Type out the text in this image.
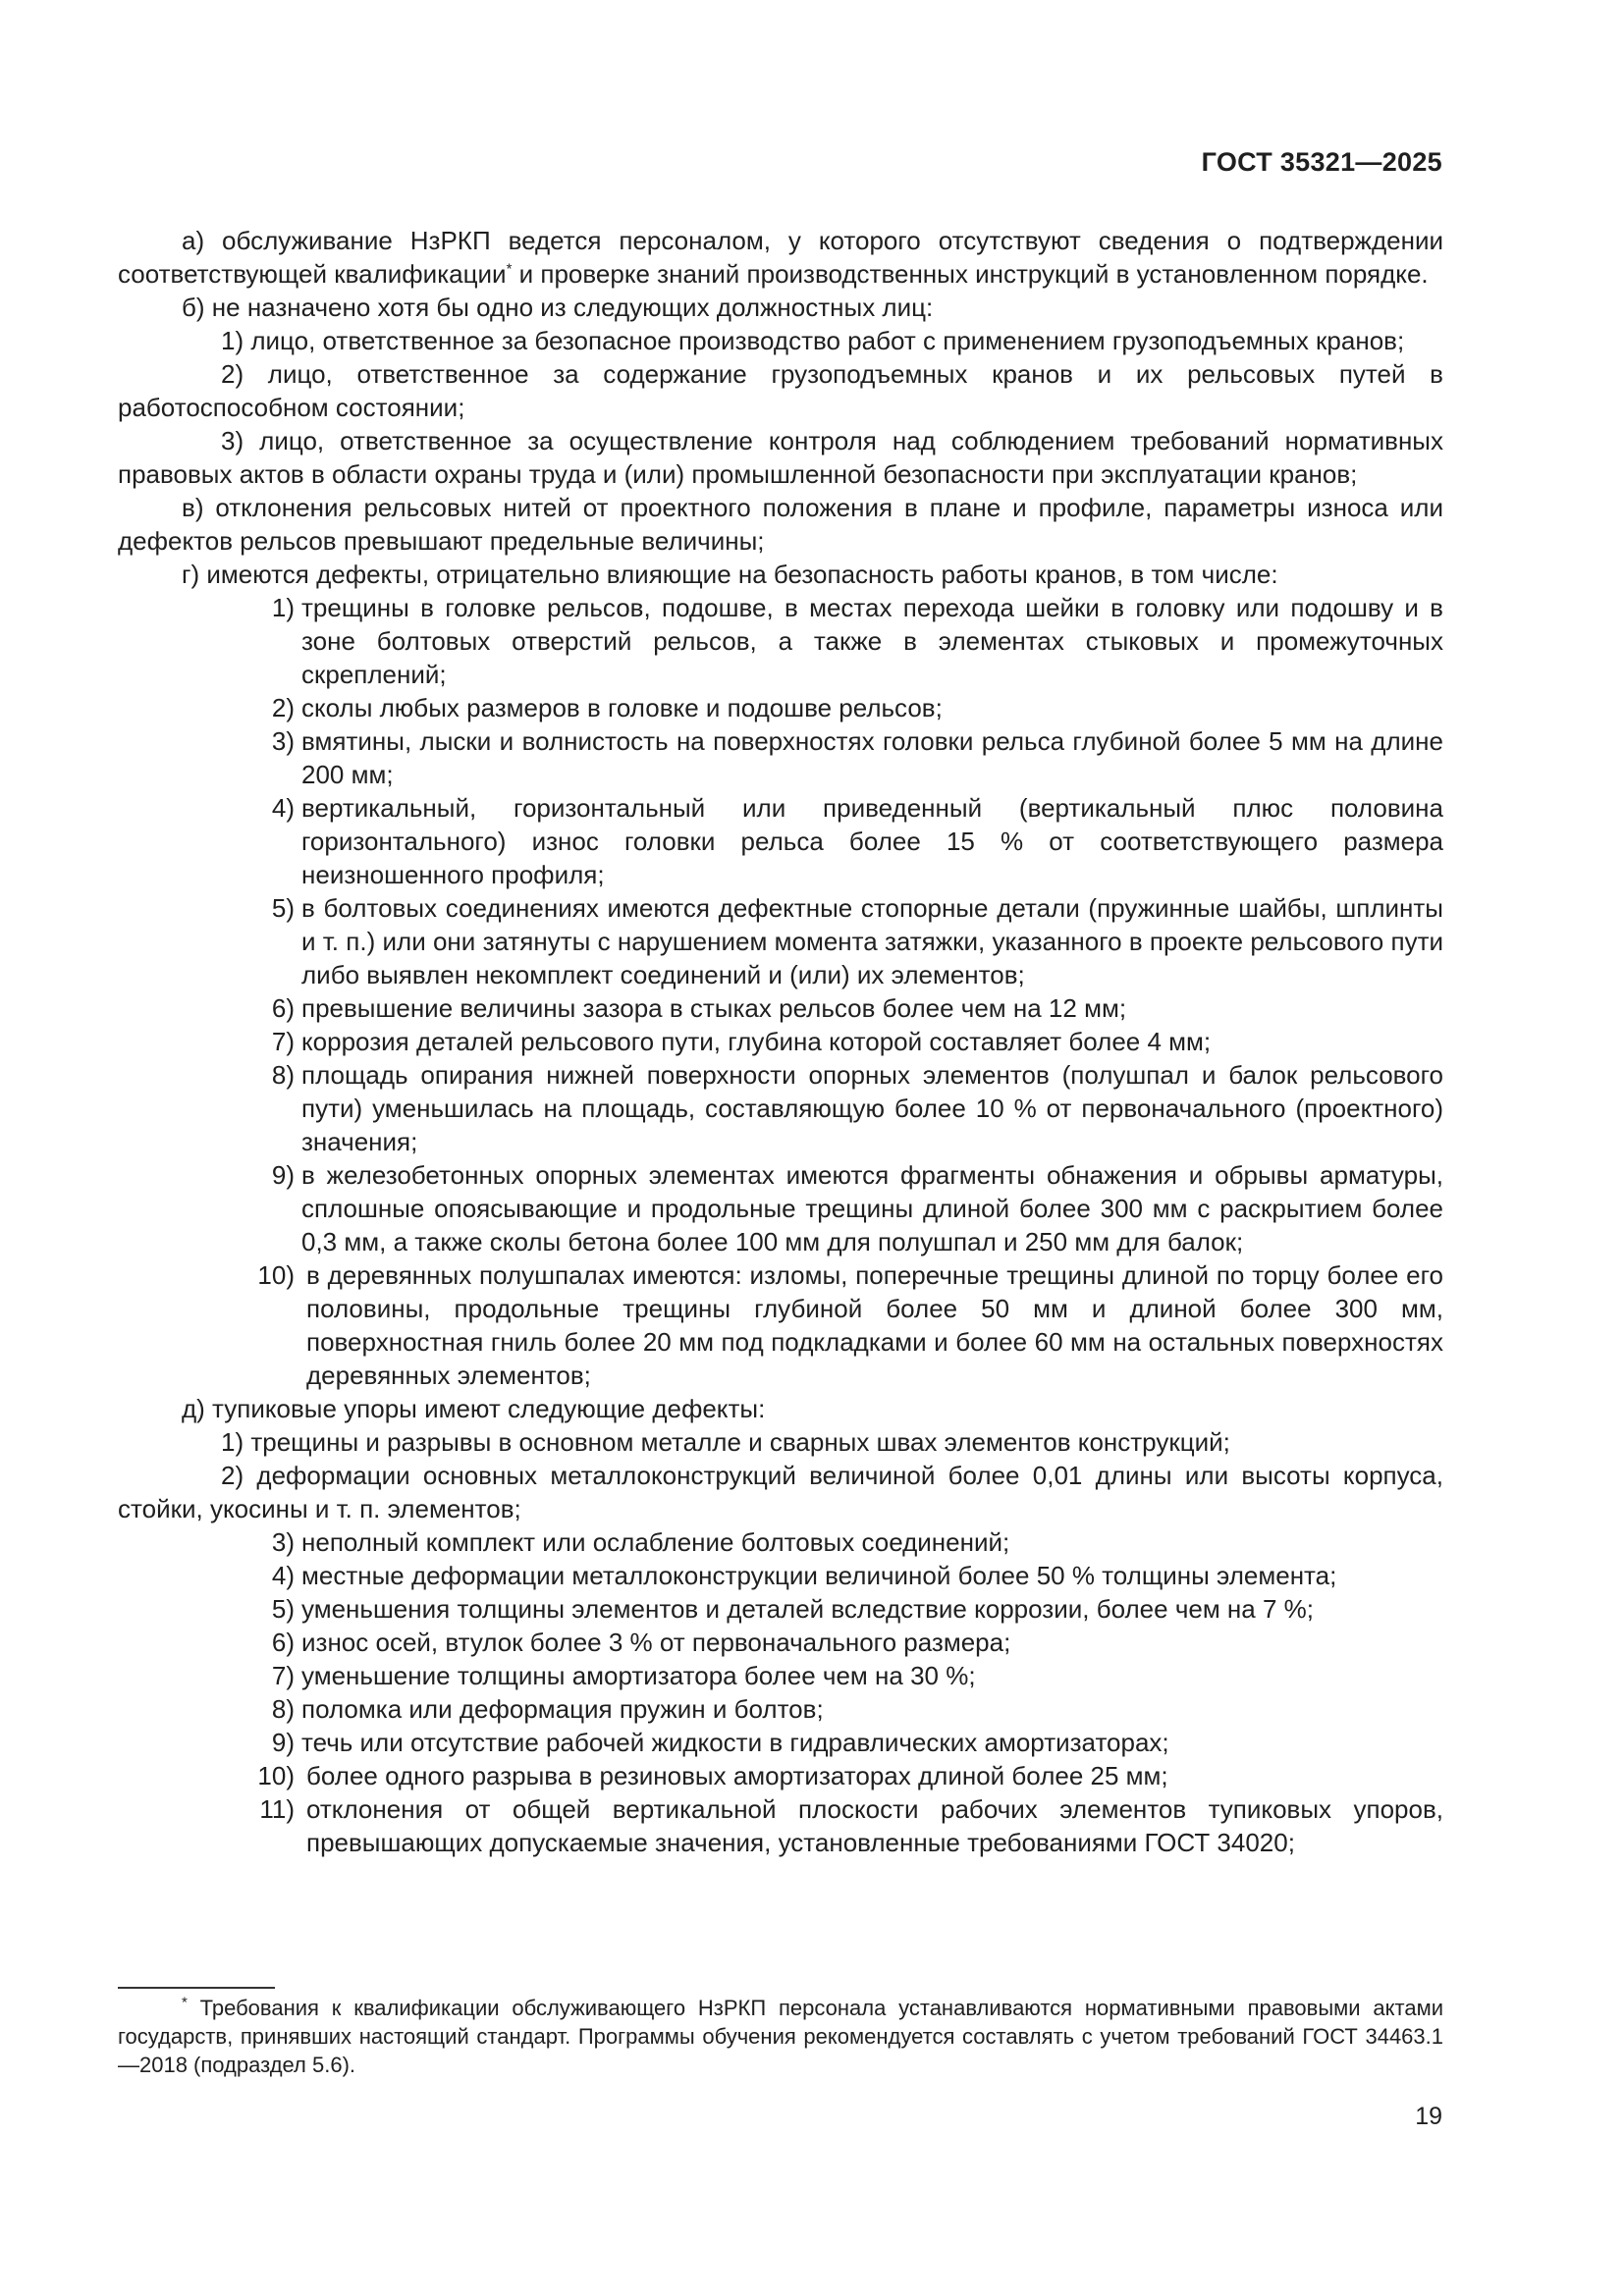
ГОСТ 35321—2025

а) обслуживание НзРКП ведется персоналом, у которого отсутствуют сведения о подтверждении соответствующей квалификации* и проверке знаний производственных инструкций в установленном порядке.

б) не назначено хотя бы одно из следующих должностных лиц:

1) лицо, ответственное за безопасное производство работ с применением грузоподъемных кранов;

2) лицо, ответственное за содержание грузоподъемных кранов и их рельсовых путей в работоспособном состоянии;

3) лицо, ответственное за осуществление контроля над соблюдением требований нормативных правовых актов в области охраны труда и (или) промышленной безопасности при эксплуатации кранов;

в) отклонения рельсовых нитей от проектного положения в плане и профиле, параметры износа или дефектов рельсов превышают предельные величины;

г) имеются дефекты, отрицательно влияющие на безопасность работы кранов, в том числе:

1) трещины в головке рельсов, подошве, в местах перехода шейки в головку или подошву и в зоне болтовых отверстий рельсов, а также в элементах стыковых и промежуточных скреплений;
2) сколы любых размеров в головке и подошве рельсов;
3) вмятины, лыски и волнистость на поверхностях головки рельса глубиной более 5 мм на длине 200 мм;
4) вертикальный, горизонтальный или приведенный (вертикальный плюс половина горизонтального) износ головки рельса более 15 % от соответствующего размера неизношенного профиля;
5) в болтовых соединениях имеются дефектные стопорные детали (пружинные шайбы, шплинты и т. п.) или они затянуты с нарушением момента затяжки, указанного в проекте рельсового пути либо выявлен некомплект соединений и (или) их элементов;
6) превышение величины зазора в стыках рельсов более чем на 12 мм;
7) коррозия деталей рельсового пути, глубина которой составляет более 4 мм;
8) площадь опирания нижней поверхности опорных элементов (полушпал и балок рельсового пути) уменьшилась на площадь, составляющую более 10 % от первоначального (проектного) значения;
9) в железобетонных опорных элементах имеются фрагменты обнажения и обрывы арматуры, сплошные опоясывающие и продольные трещины длиной более 300 мм с раскрытием более 0,3 мм, а также сколы бетона более 100 мм для полушпал и 250 мм для балок;
10) в деревянных полушпалах имеются: изломы, поперечные трещины длиной по торцу более его половины, продольные трещины глубиной более 50 мм и длиной более 300 мм, поверхностная гниль более 20 мм под подкладками и более 60 мм на остальных поверхностях деревянных элементов;

д) тупиковые упоры имеют следующие дефекты:

1) трещины и разрывы в основном металле и сварных швах элементов конструкций;

2) деформации основных металлоконструкций величиной более 0,01 длины или высоты корпуса, стойки, укосины и т. п. элементов;

3) неполный комплект или ослабление болтовых соединений;
4) местные деформации металлоконструкции величиной более 50 % толщины элемента;
5) уменьшения толщины элементов и деталей вследствие коррозии, более чем на 7 %;
6) износ осей, втулок более 3 % от первоначального размера;
7) уменьшение толщины амортизатора более чем на 30 %;
8) поломка или деформация пружин и болтов;
9) течь или отсутствие рабочей жидкости в гидравлических амортизаторах;
10) более одного разрыва в резиновых амортизаторах длиной более 25 мм;
11) отклонения от общей вертикальной плоскости рабочих элементов тупиковых упоров, превышающих допускаемые значения, установленные требованиями ГОСТ 34020;

* Требования к квалификации обслуживающего НзРКП персонала устанавливаются нормативными правовыми актами государств, принявших настоящий стандарт. Программы обучения рекомендуется составлять с учетом требований ГОСТ 34463.1—2018 (подраздел 5.6).

19
